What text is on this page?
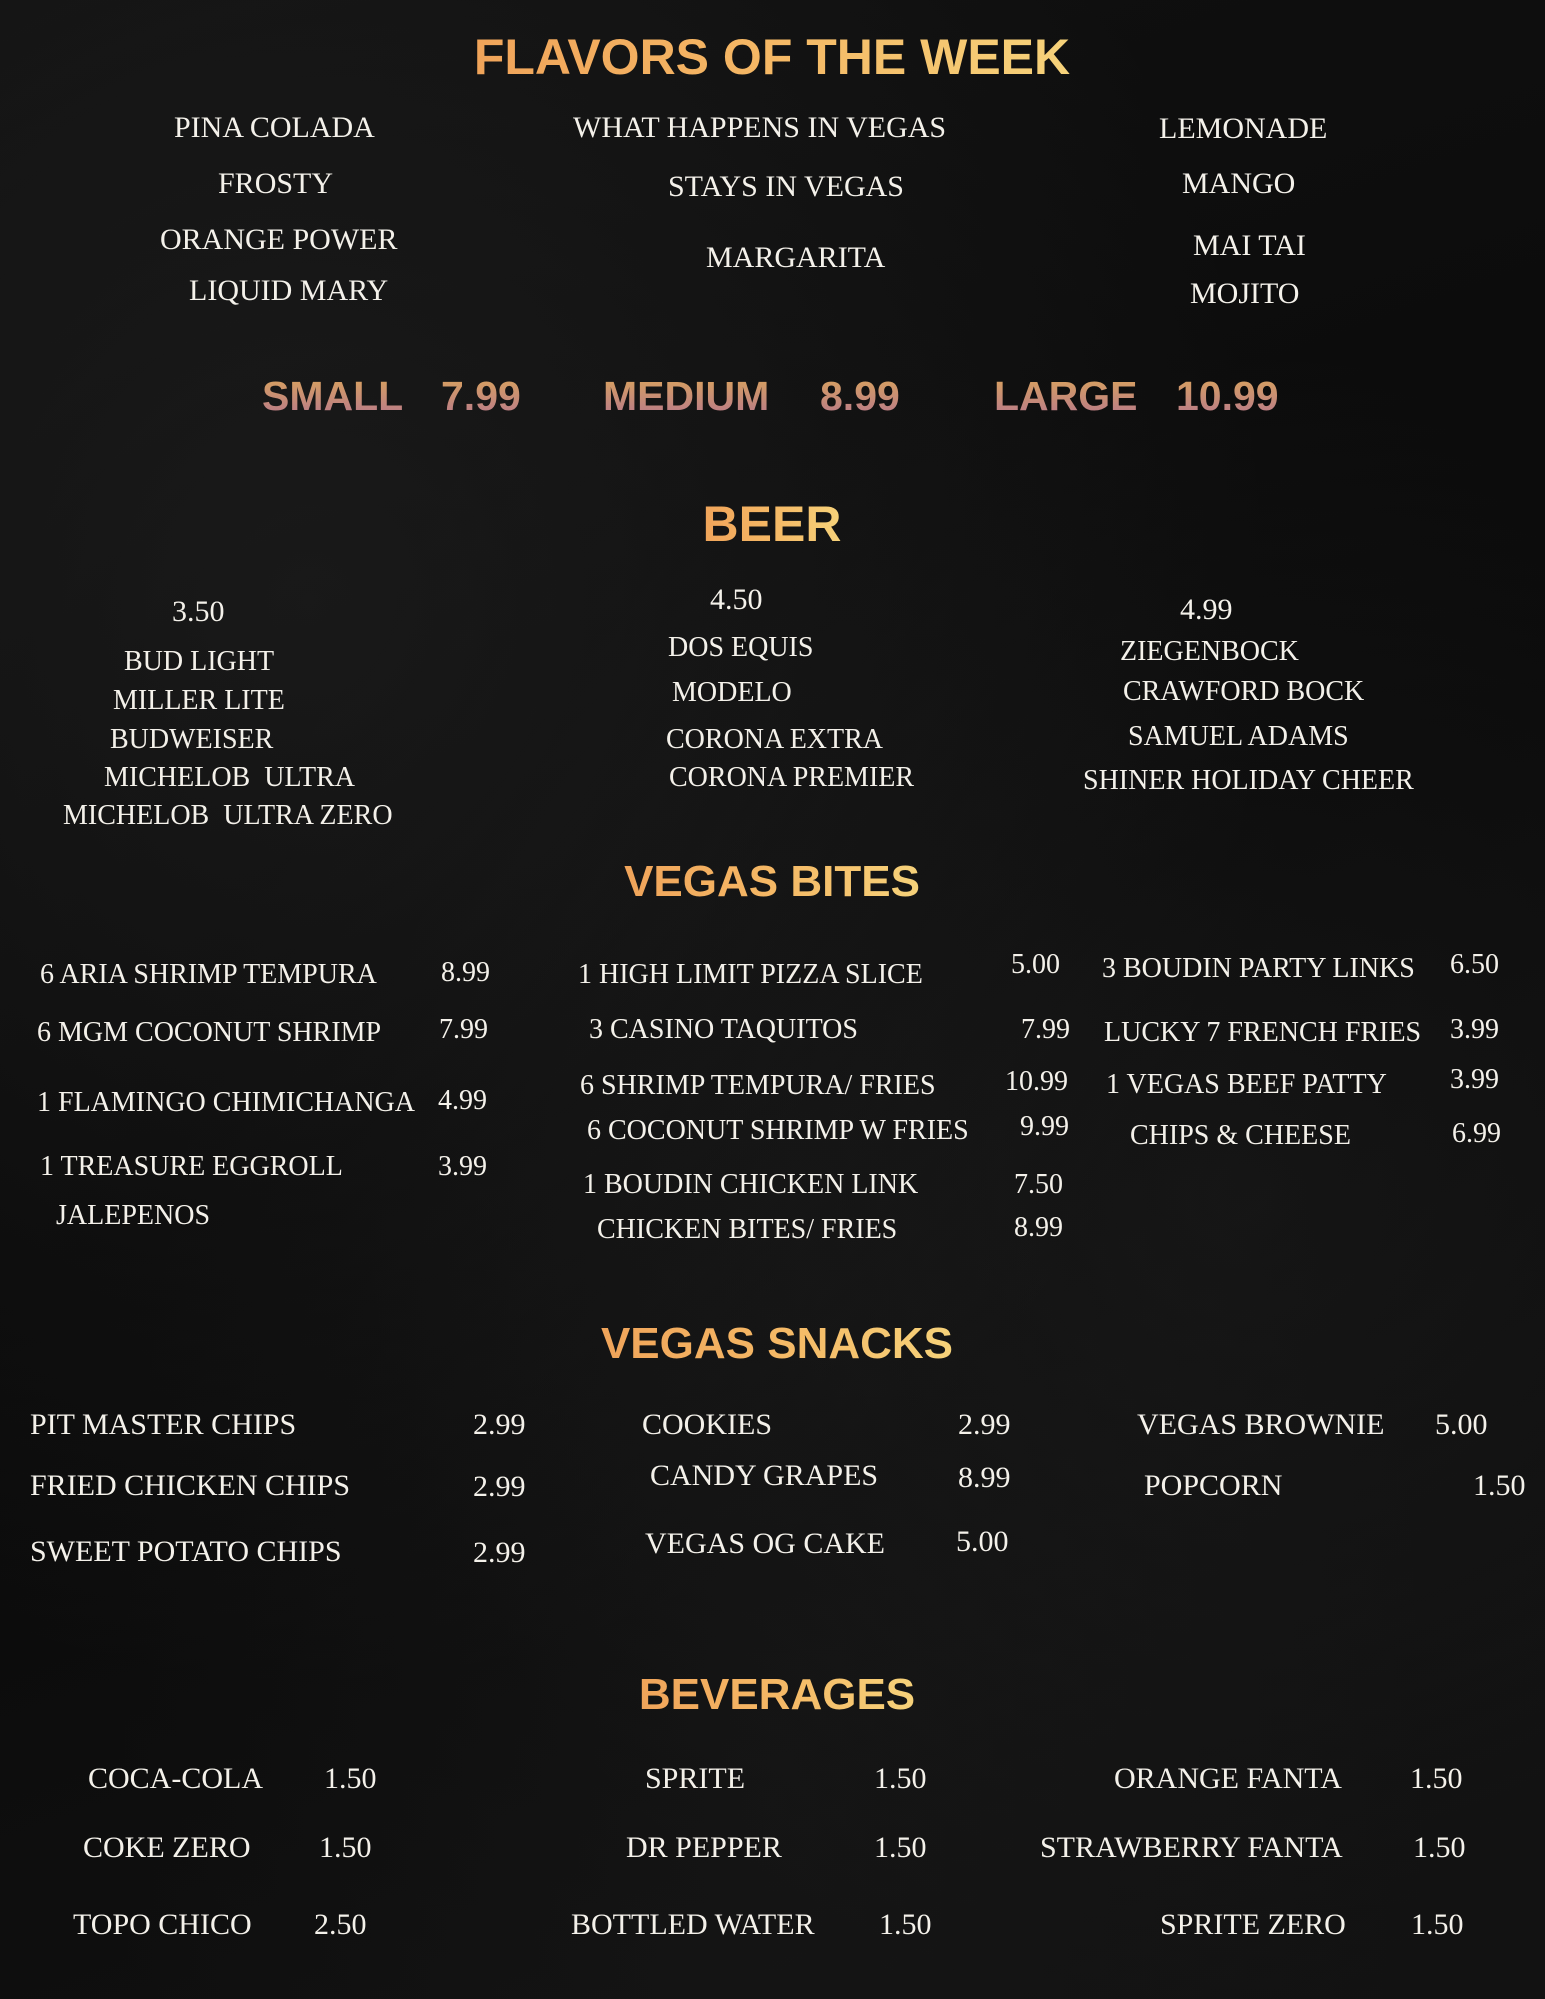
FLAVORS OF THE WEEK
PINA COLADA
FROSTY
ORANGE POWER
LIQUID MARY
WHAT HAPPENS IN VEGAS
STAYS IN VEGAS
MARGARITA
LEMONADE
MANGO
MAI TAI
MOJITO
SMALL 7.99 MEDIUM 8.99 LARGE 10.99
BEER
3.50
BUD LIGHT
MILLER LITE
BUDWEISER
MICHELOB  ULTRA
MICHELOB  ULTRA ZERO
4.50
DOS EQUIS
MODELO
CORONA EXTRA
CORONA PREMIER
4.99
ZIEGENBOCK
CRAWFORD BOCK
SAMUEL ADAMS
SHINER HOLIDAY CHEER
VEGAS BITES
6 ARIA SHRIMP TEMPURA 8.99
6 MGM COCONUT SHRIMP 7.99
1 FLAMINGO CHIMICHANGA 4.99
1 TREASURE EGGROLL	3.99
JALEPENOS
1 HIGH LIMIT PIZZA SLICE	5.00
3 CASINO TAQUITOS	7.99
6 SHRIMP TEMPURA/ FRIES 10.99
6 COCONUT SHRIMP W FRIES 9.99
1 BOUDIN CHICKEN LINK	7.50
CHICKEN BITES/ FRIES	8.99
3 BOUDIN PARTY LINKS 6.50
LUCKY 7 FRENCH FRIES 3.99
1 VEGAS BEEF PATTY 3.99
CHIPS & CHEESE	6.99
VEGAS SNACKS
PIT MASTER CHIPS	2.99
FRIED CHICKEN CHIPS	2.99
SWEET POTATO CHIPS	2.99
COOKIES	2.99
CANDY GRAPES	8.99
VEGAS OG CAKE 5.00
VEGAS BROWNIE 5.00
POPCORN	1.50
BEVERAGES
COCA-COLA 1.50
COKE ZERO 1.50
TOPO CHICO 2.50
SPRITE	1.50
DR PEPPER	1.50
BOTTLED WATER 1.50
ORANGE FANTA 1.50
STRAWBERRY FANTA 1.50
SPRITE ZERO 1.50
